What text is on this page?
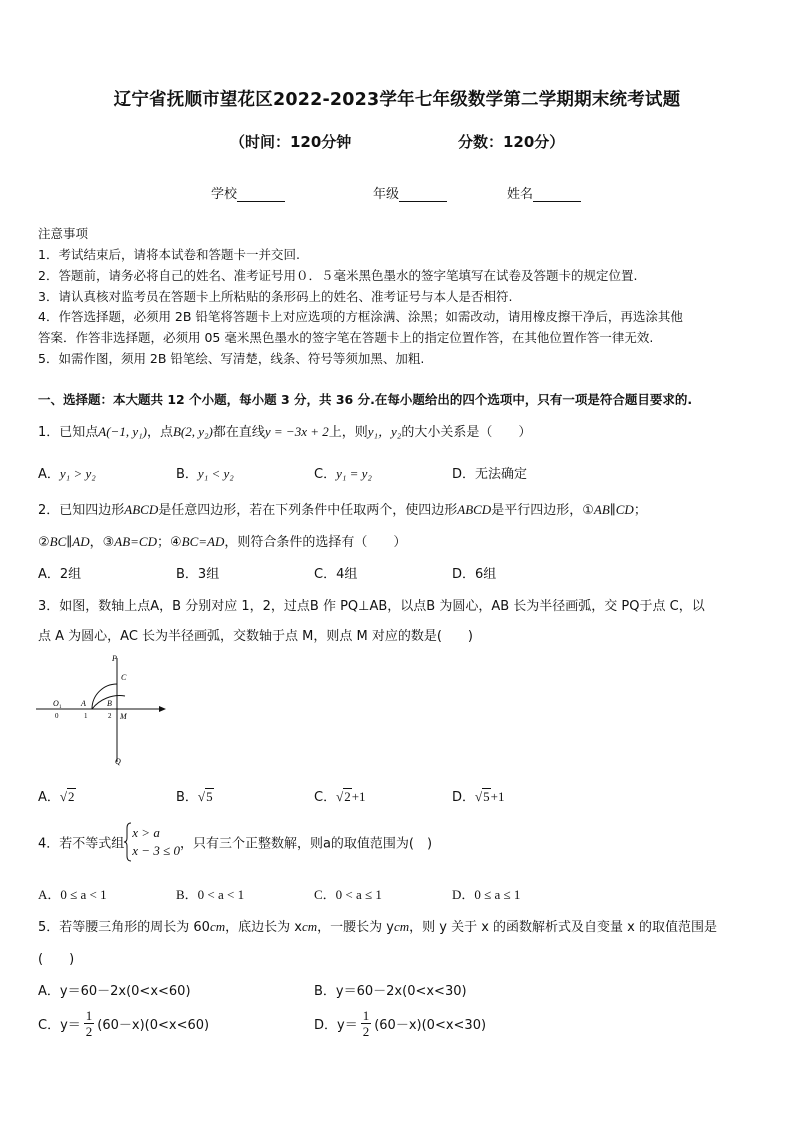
辽宁省抚顺市望花区2022-2023学年七年级数学第二学期期末统考试题
（时间：120分钟	分数：120分）
学校	年级	姓名
注意事项
1．考试结束后，请将本试卷和答题卡一并交回.
2．答题前，请务必将自己的姓名、准考证号用０．５毫米黑色墨水的签字笔填写在试卷及答题卡的规定位置.
3．请认真核对监考员在答题卡上所粘贴的条形码上的姓名、准考证号与本人是否相符.
4．作答选择题，必须用 2B 铅笔将答题卡上对应选项的方框涂满、涂黑；如需改动，请用橡皮擦干净后，再选涂其他
答案．作答非选择题，必须用 05 毫米黑色墨水的签字笔在答题卡上的指定位置作答，在其他位置作答一律无效.
5．如需作图，须用 2B 铅笔绘、写清楚，线条、符号等须加黑、加粗.
一、选择题：本大题共 12 个小题，每小题 3 分，共 36 分.在每小题给出的四个选项中，只有一项是符合题目要求的.
1．已知点A(−1, y₁)，点B(2, y₂)都在直线y = −3x + 2上，则y₁，y₂的大小关系是（　　）
A．y₁ > y₂	B．y₁ < y₂	C．y₁ = y₂	D．无法确定
2．已知四边形ABCD是任意四边形，若在下列条件中任取两个，使四边形ABCD是平行四边形，①AB∥CD；
②BC∥AD，③AB=CD；④BC=AD，则符合条件的选择有（　　）
A．2组	B．3组	C．4组	D．6组
3．如图，数轴上点A，B 分别对应 1，2，过点B 作 PQ⊥AB，以点B 为圆心，AB 长为半径画弧，交 PQ于点 C，以
点 A 为圆心，AC 长为半径画弧，交数轴于点 M，则点 M 对应的数是(　　)
P
C
O 1 A	B
M
Q
0	1	2
A．√2	B．√5	C．√2+1	D．√5+1
4．若不等式组
x > a
x − 3 ≤ 0 ，只有三个正整数解，则a的取值范围为(　)
A．0 ≤ a < 1	B．0 < a < 1	C．0 < a ≤ 1	D．0 ≤ a ≤ 1
5．若等腰三角形的周长为 60cm，底边长为 xcm，一腰长为 ycm，则 y 关于 x 的函数解析式及自变量 x 的取值范围是
(　　)
A．y＝60－2x(0<x<60)	B．y＝60－2x(0<x<30)
C．$y= \frac{1}{2} (60-x)(0<x<60)$	D．$y= \frac{1}{2} (60-x)(0<x<30)$
